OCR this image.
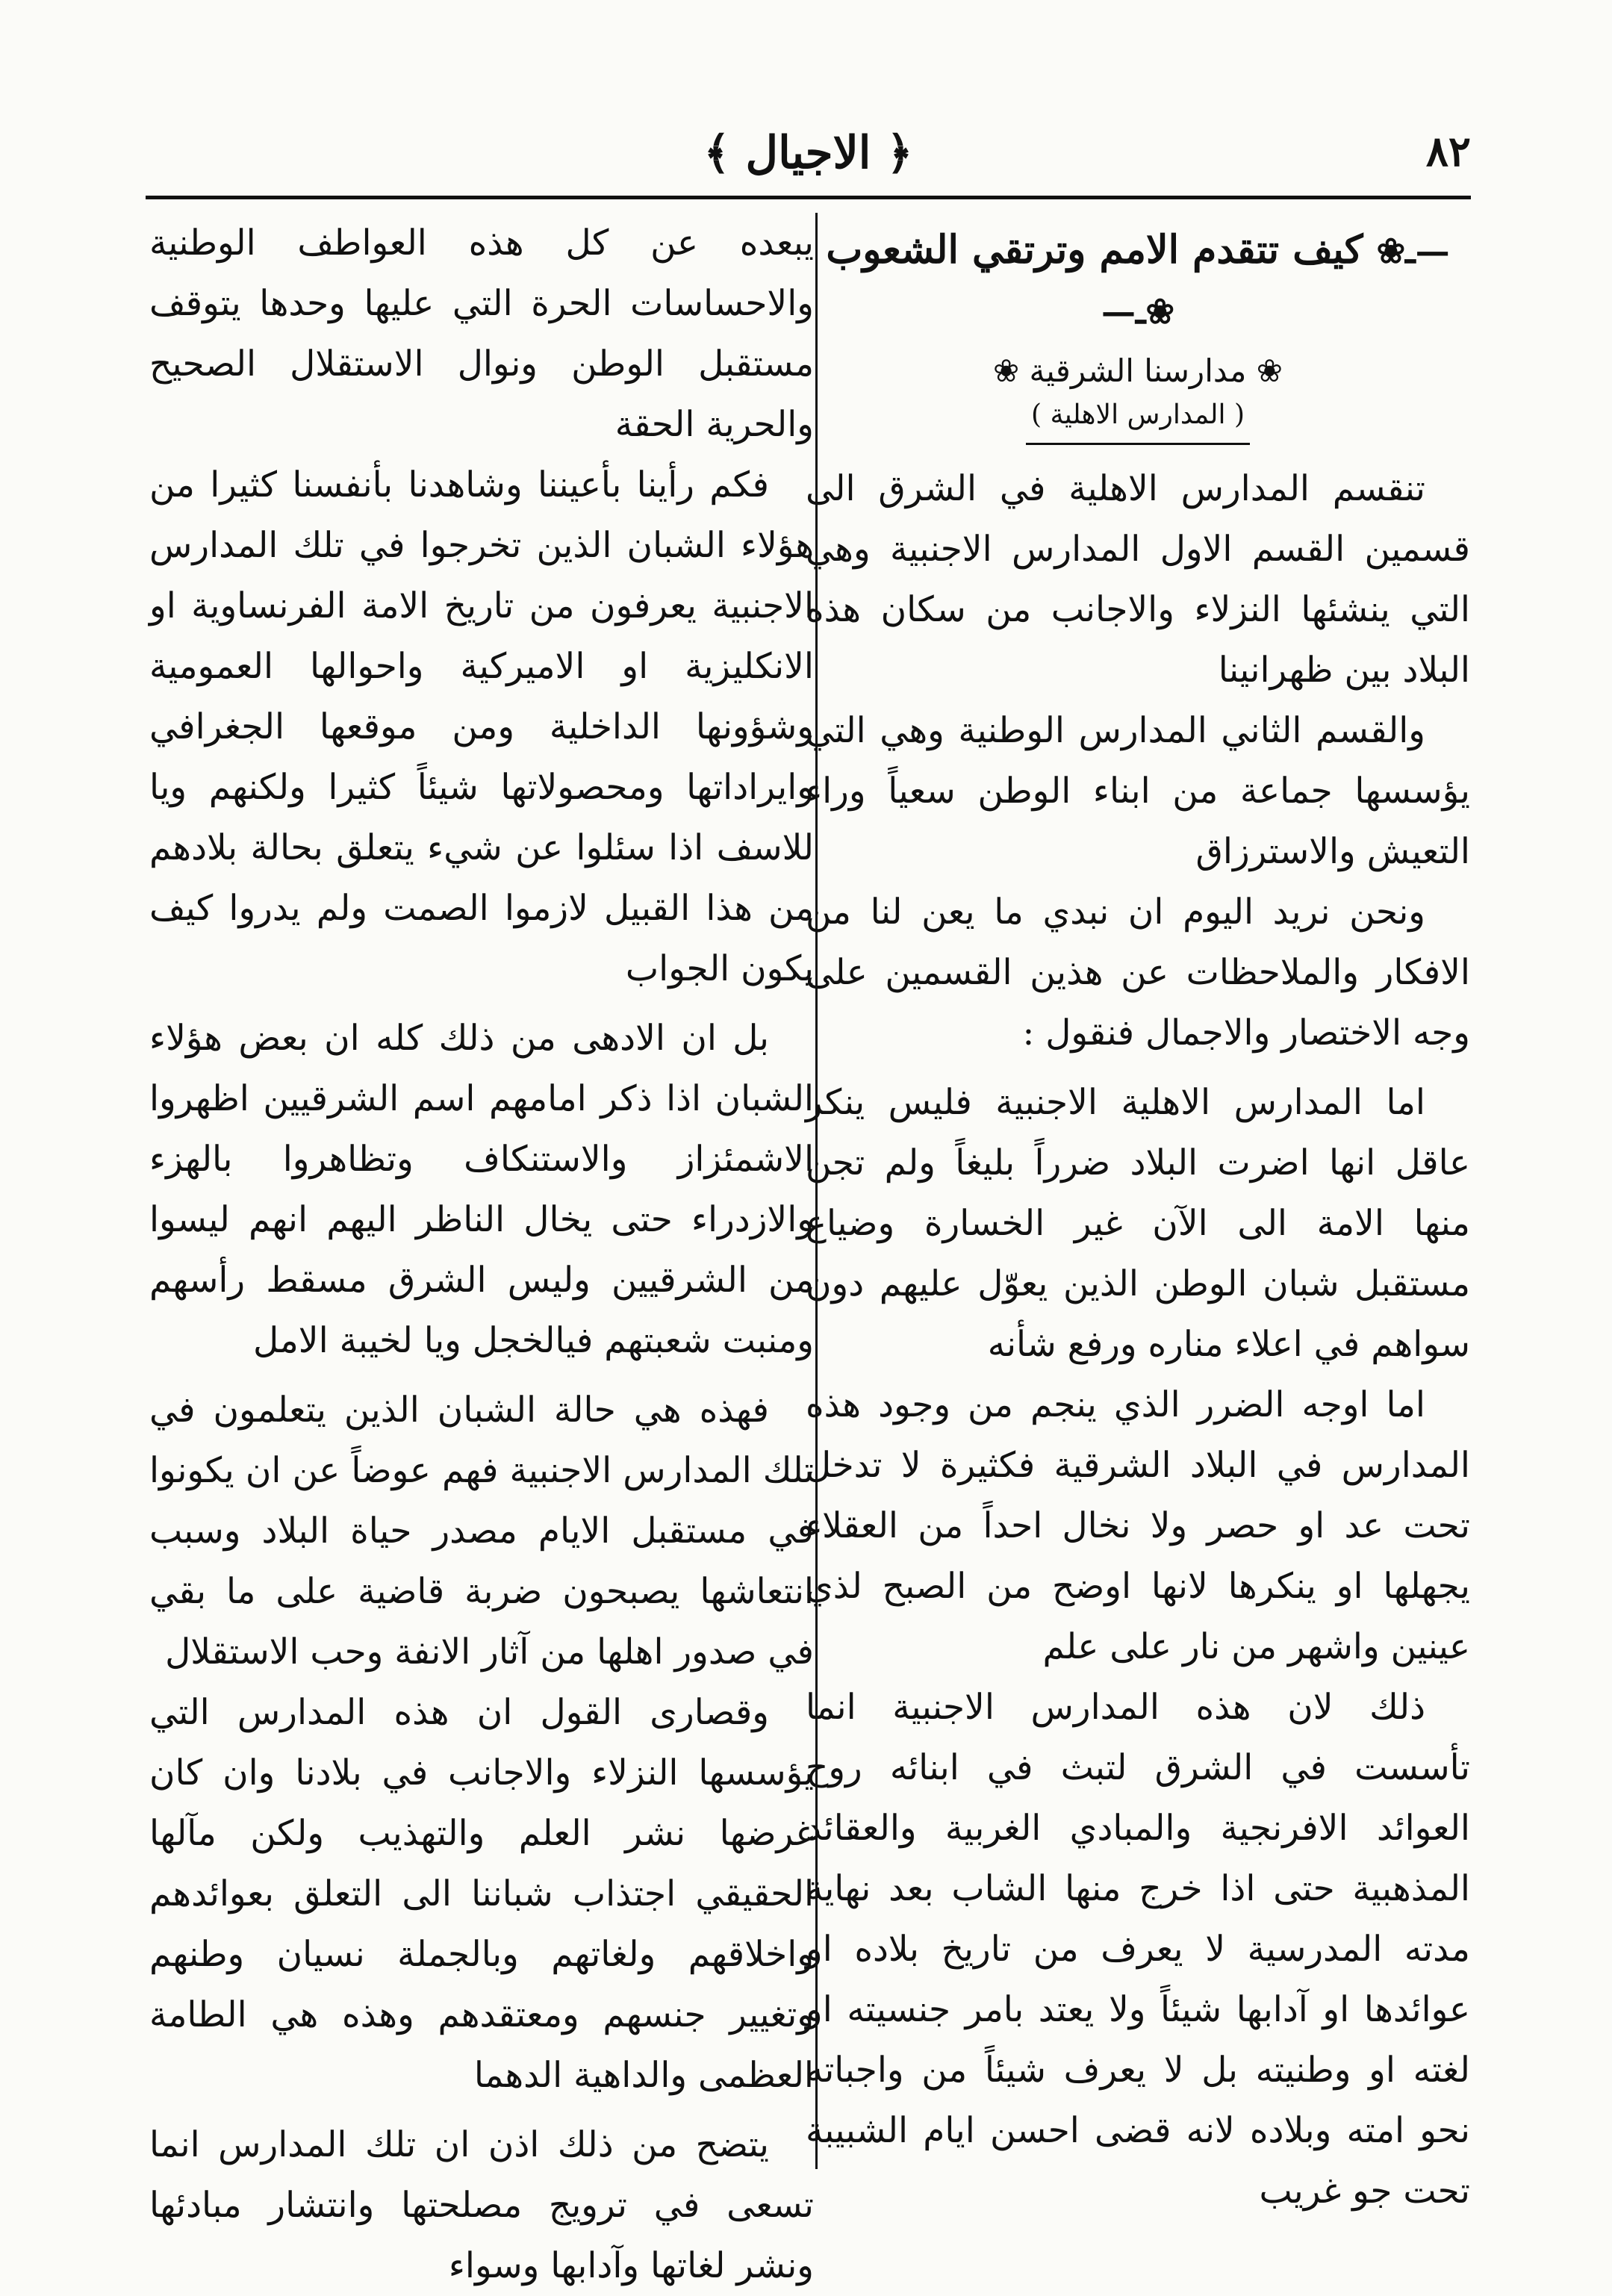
٨٢
﴿ الاجيال ﴾
—ـ❀ كيف تتقدم الامم وترتقي الشعوب ❀ـ—
❀ مدارسنا الشرقية ❀
( المدارس الاهلية )

تنقسم المدارس الاهلية في الشرق الى قسمين القسم الاول المدارس الاجنبية وهي التي ينشئها النزلاء والاجانب من سكان هذه البلاد بين ظهرانينا

والقسم الثاني المدارس الوطنية وهي التي يؤسسها جماعة من ابناء الوطن سعياً وراء التعيش والاسترزاق

ونحن نريد اليوم ان نبدي ما يعن لنا من الافكار والملاحظات عن هذين القسمين على وجه الاختصار والاجمال فنقول :

اما المدارس الاهلية الاجنبية فليس ينكر عاقل انها اضرت البلاد ضرراً بليغاً ولم تجن منها الامة الى الآن غير الخسارة وضياع مستقبل شبان الوطن الذين يعوّل عليهم دون سواهم في اعلاء مناره ورفع شأنه

اما اوجه الضرر الذي ينجم من وجود هذه المدارس في البلاد الشرقية فكثيرة لا تدخل تحت عد او حصر ولا نخال احداً من العقلاء يجهلها او ينكرها لانها اوضح من الصبح لذي عينين واشهر من نار على علم

ذلك لان هذه المدارس الاجنبية انما تأسست في الشرق لتبث في ابنائه روح العوائد الافرنجية والمبادي الغربية والعقائد المذهبية حتى اذا خرج منها الشاب بعد نهاية مدته المدرسية لا يعرف من تاريخ بلاده او عوائدها او آدابها شيئاً ولا يعتد بامر جنسيته او لغته او وطنيته بل لا يعرف شيئاً من واجباته نحو امته وبلاده لانه قضى احسن ايام الشبيبة تحت جو غريب

يبعده عن كل هذه العواطف الوطنية والاحساسات الحرة التي عليها وحدها يتوقف مستقبل الوطن ونوال الاستقلال الصحيح والحرية الحقة

فكم رأينا بأعيننا وشاهدنا بأنفسنا كثيرا من هؤلاء الشبان الذين تخرجوا في تلك المدارس الاجنبية يعرفون من تاريخ الامة الفرنساوية او الانكليزية او الاميركية واحوالها العمومية وشؤونها الداخلية ومن موقعها الجغرافي وايراداتها ومحصولاتها شيئاً كثيرا ولكنهم ويا للاسف اذا سئلوا عن شيء يتعلق بحالة بلادهم من هذا القبيل لازموا الصمت ولم يدروا كيف يكون الجواب

بل ان الادهى من ذلك كله ان بعض هؤلاء الشبان اذا ذكر امامهم اسم الشرقيين اظهروا الاشمئزاز والاستنكاف وتظاهروا بالهزء والازدراء حتى يخال الناظر اليهم انهم ليسوا من الشرقيين وليس الشرق مسقط رأسهم ومنبت شعبتهم فيالخجل ويا لخيبة الامل

فهذه هي حالة الشبان الذين يتعلمون في تلك المدارس الاجنبية فهم عوضاً عن ان يكونوا في مستقبل الايام مصدر حياة البلاد وسبب انتعاشها يصبحون ضربة قاضية على ما بقي في صدور اهلها من آثار الانفة وحب الاستقلال

وقصارى القول ان هذه المدارس التي يؤسسها النزلاء والاجانب في بلادنا وان كان غرضها نشر العلم والتهذيب ولكن مآلها الحقيقي اجتذاب شباننا الى التعلق بعوائدهم واخلاقهم ولغاتهم وبالجملة نسيان وطنهم وتغيير جنسهم ومعتقدهم وهذه هي الطامة العظمى والداهية الدهما

يتضح من ذلك اذن ان تلك المدارس انما تسعى في ترويج مصلحتها وانتشار مبادئها ونشر لغاتها وآدابها وسواء
